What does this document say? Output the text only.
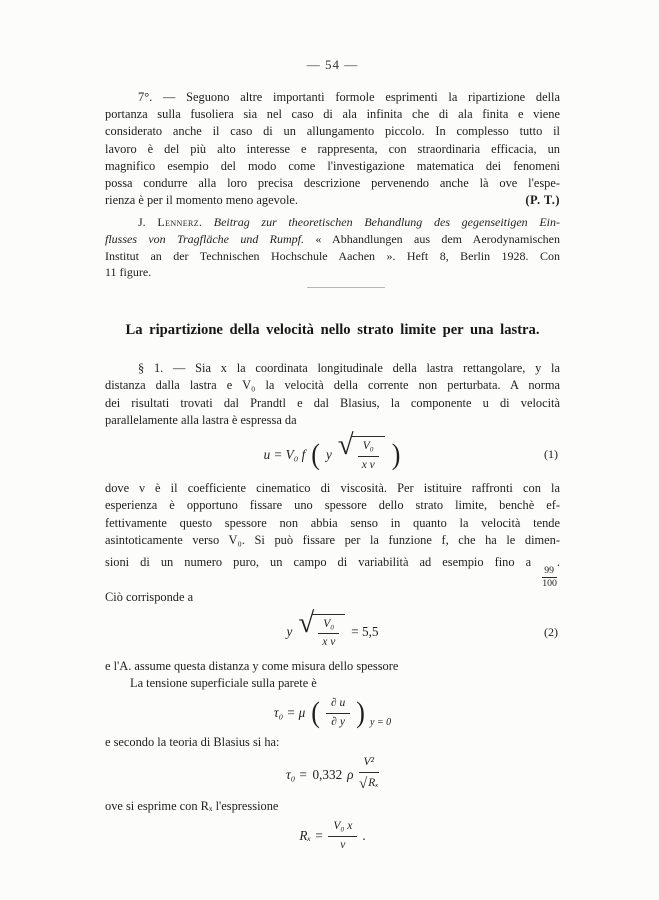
— 54 —
7°. — Seguono altre importanti formole esprimenti la ripartizione della
portanza sulla fusoliera sia nel caso di ala infinita che di ala finita e viene
considerato anche il caso di un allungamento piccolo. In complesso tutto il
lavoro è del più alto interesse e rappresenta, con straordinaria efficacia, un
magnifico esempio del modo come l'investigazione matematica dei fenomeni
possa condurre alla loro precisa descrizione pervenendo anche là ove l'espe-
rienza è per il momento meno agevole.	(P. T.)
J. Lennerz. Beitrag zur theoretischen Behandlung des gegenseitigen Ein-
flusses von Tragfläche und Rumpf. « Abhandlungen aus dem Aerodynamischen
Institut an der Technischen Hochschule Aachen ». Heft 8, Berlin 1928. Con
11 figure.
La ripartizione della velocità nello strato limite per una lastra.
§ 1. — Sia x la coordinata longitudinale della lastra rettangolare, y la
distanza dalla lastra e V₀ la velocità della corrente non perturbata. A norma
dei risultati trovati dal Prandtl e dal Blasius, la componente u di velocità
parallelamente alla lastra è espressa da
u = V₀ f ( y √
$\frac{\text{V₀}}{\text{x ν}}$ )	(1)
dove ν è il coefficiente cinematico di viscosità. Per istituire raffronti con la
esperienza è opportuno fissare uno spessore dello strato limite, benchè ef-
fettivamente questo spessore non abbia senso in quanto la velocità tende
asintoticamente verso V₀. Si può fissare per la funzione f, che ha le dimen-
sioni di un numero puro, un campo di variabilità ad esempio fino a
$\frac{99}{100}$
.
Ciò corrisponde a
y √
$\frac{\text{V₀}}{\text{x ν}} = 5,5$	(2)
e l'A. assume questa distanza y come misura dello spessore
La tensione superficiale sulla parete è
τ₀ = μ ( $\frac{\partial u}{\partial y}$ ) y = 0
e secondo la teoria di Blasius si ha:
τ₀ = 0,332 ρ $\frac{\text{V²}}{\text{√ Rₓ}}$
ove si esprime con Rₓ l'espressione
$R_x = \frac{\text{V₀ x}}{\nu}$ .
